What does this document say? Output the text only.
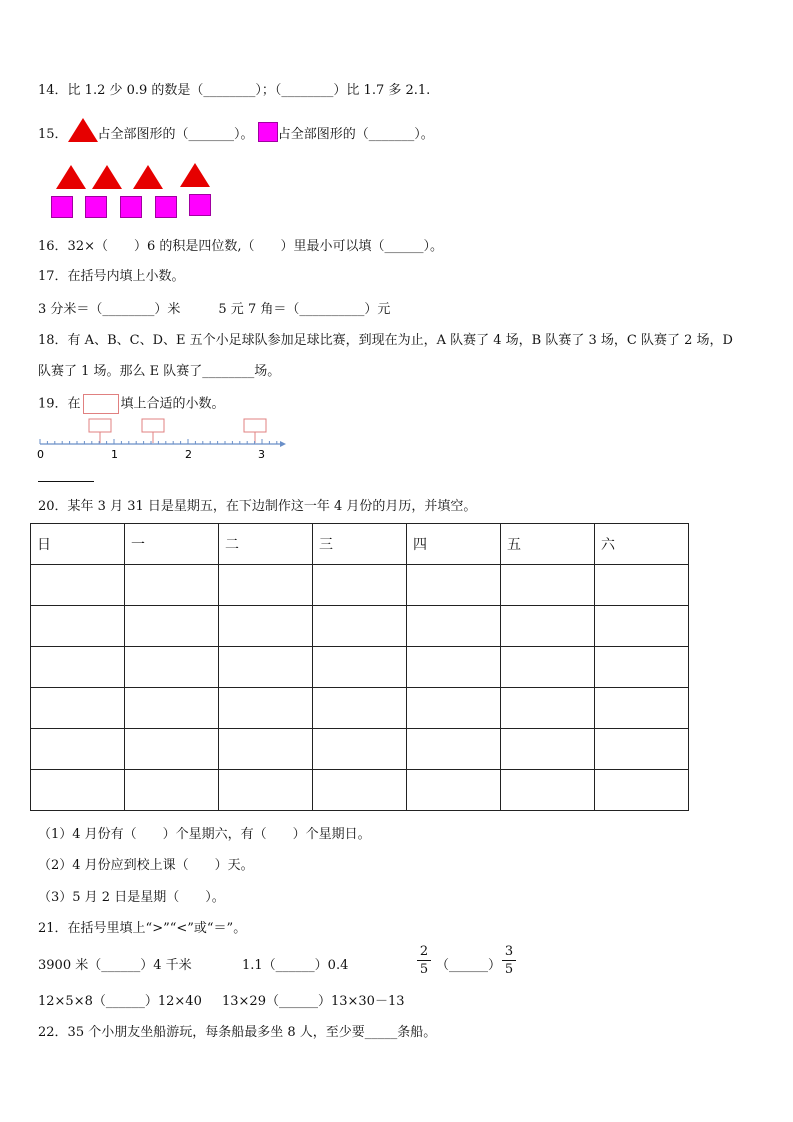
14．比 1.2 少 0.9 的数是（________）；（________）比 1.7 多 2.1.
15． 占全部图形的（_______）。 占全部图形的（_______）。
16．32×（　　）6 的积是四位数,（　　）里最小可以填（______）。
17．在括号内填上小数。
3 分米＝（________）米	5 元 7 角＝（__________）元
18．有 A、B、C、D、E 五个小足球队参加足球比赛，到现在为止，A 队赛了 4 场，B 队赛了 3 场，C 队赛了 2 场，D
队赛了 1 场。那么 E 队赛了________场。
19．在	填上合适的小数。
0	1	2	3
20．某年 3 月 31 日是星期五，在下边制作这一年 4 月份的月历，并填空。
日	一	二	三	四	五	六

（1）4 月份有（　　）个星期六，有（　　）个星期日。
（2）4 月份应到校上课（　　）天。
（3）5 月 2 日是星期（　　）。
21．在括号里填上“>”“<”或“＝”。
3900 米（______）4 千米	1.1（______）0.4
2
5 （______）
3
5
12×5×8（______）12×40 13×29（______）13×30－13
22．35 个小朋友坐船游玩，每条船最多坐 8 人，至少要_____条船。
